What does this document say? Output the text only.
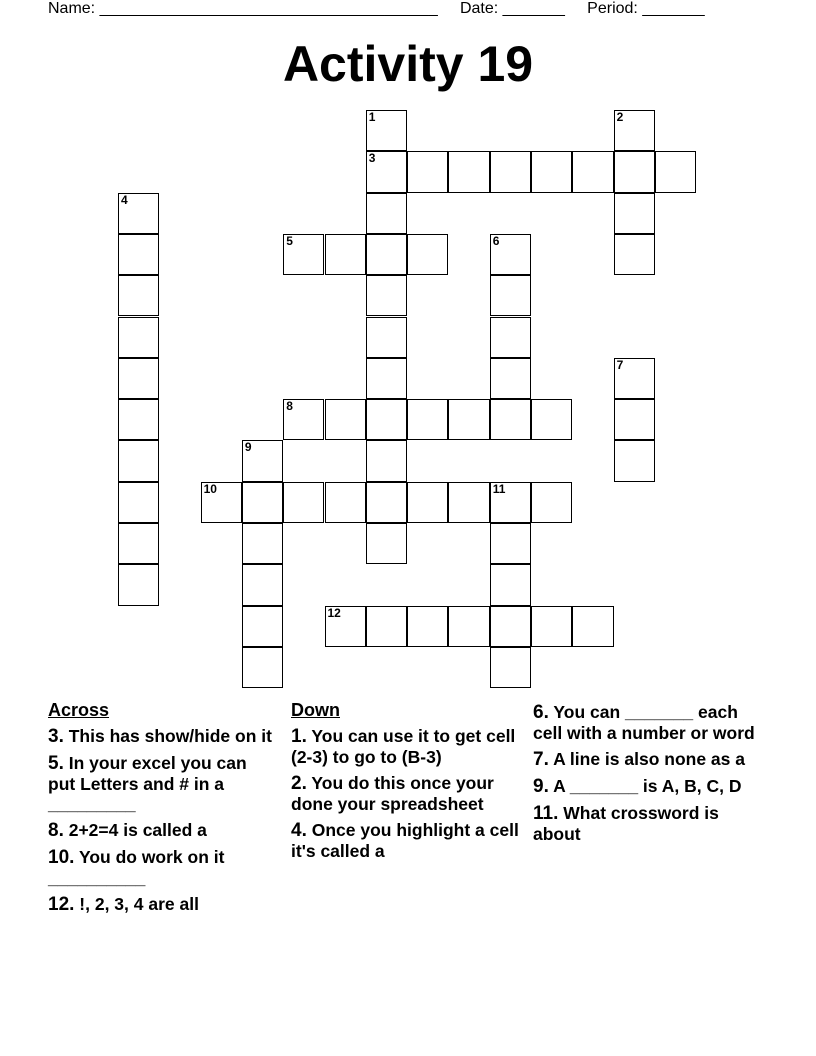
Name: ______________________________________ Date: _______ Period: _______
Activity 19
1	2
3
4
5	6
7
8
9
10	11
12
Across
3. This has show/hide on it
5. In your excel you can put Letters and # in a _________
8. 2+2=4 is called a
10. You do work on it __________
12. !, 2, 3, 4 are all
Down
1. You can use it to get cell (2-3) to go to (B-3)
2. You do this once your done your spreadsheet
4. Once you highlight a cell it's called a
6. You can _______ each cell with a number or word
7. A line is also none as a
9. A _______ is A, B, C, D
11. What crossword is about
